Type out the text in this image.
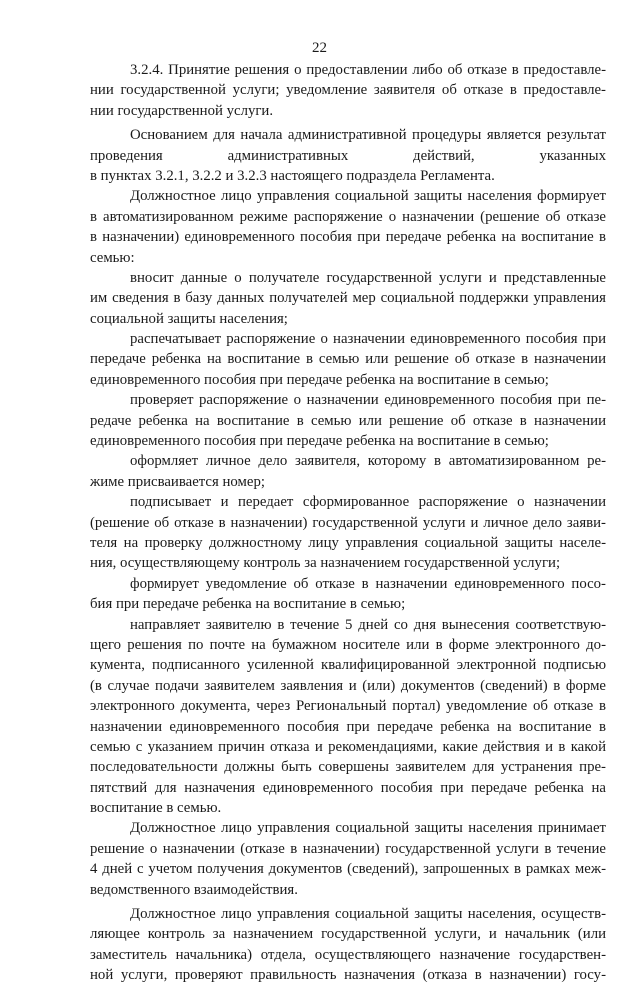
22
3.2.4. Принятие решения о предоставлении либо об отказе в предоставле-
нии государственной услуги; уведомление заявителя об отказе в предоставле-
нии государственной услуги.
Основанием для начала административной процедуры является результат
проведения административных действий, указанных
в пунктах 3.2.1, 3.2.2 и 3.2.3 настоящего подраздела Регламента.
Должностное лицо управления социальной защиты населения формирует
в автоматизированном режиме распоряжение о назначении (решение об отказе
в назначении) единовременного пособия при передаче ребенка на воспитание в
семью:
вносит данные о получателе государственной услуги и представленные
им сведения в базу данных получателей мер социальной поддержки управления
социальной защиты населения;
распечатывает распоряжение о назначении единовременного пособия при
передаче ребенка на воспитание в семью или решение об отказе в назначении
единовременного пособия при передаче ребенка на воспитание в семью;
проверяет распоряжение о назначении единовременного пособия при пе-
редаче ребенка на воспитание в семью или решение об отказе в назначении
единовременного пособия при передаче ребенка на воспитание в семью;
оформляет личное дело заявителя, которому в автоматизированном ре-
жиме присваивается номер;
подписывает и передает сформированное распоряжение о назначении
(решение об отказе в назначении) государственной услуги и личное дело заяви-
теля на проверку должностному лицу управления социальной защиты населе-
ния, осуществляющему контроль за назначением государственной услуги;
формирует уведомление об отказе в назначении единовременного посо-
бия при передаче ребенка на воспитание в семью;
направляет заявителю в течение 5 дней со дня вынесения соответствую-
щего решения по почте на бумажном носителе или в форме электронного до-
кумента, подписанного усиленной квалифицированной электронной подписью
(в случае подачи заявителем заявления и (или) документов (сведений) в форме
электронного документа, через Региональный портал) уведомление об отказе в
назначении единовременного пособия при передаче ребенка на воспитание в
семью с указанием причин отказа и рекомендациями, какие действия и в какой
последовательности должны быть совершены заявителем для устранения пре-
пятствий для назначения единовременного пособия при передаче ребенка на
воспитание в семью.
Должностное лицо управления социальной защиты населения принимает
решение о назначении (отказе в назначении) государственной услуги в течение
4 дней с учетом получения документов (сведений), запрошенных в рамках меж-
ведомственного взаимодействия.
Должностное лицо управления социальной защиты населения, осуществ-
ляющее контроль за назначением государственной услуги, и начальник (или
заместитель начальника) отдела, осуществляющего назначение государствен-
ной услуги, проверяют правильность назначения (отказа в назначении) госу-
